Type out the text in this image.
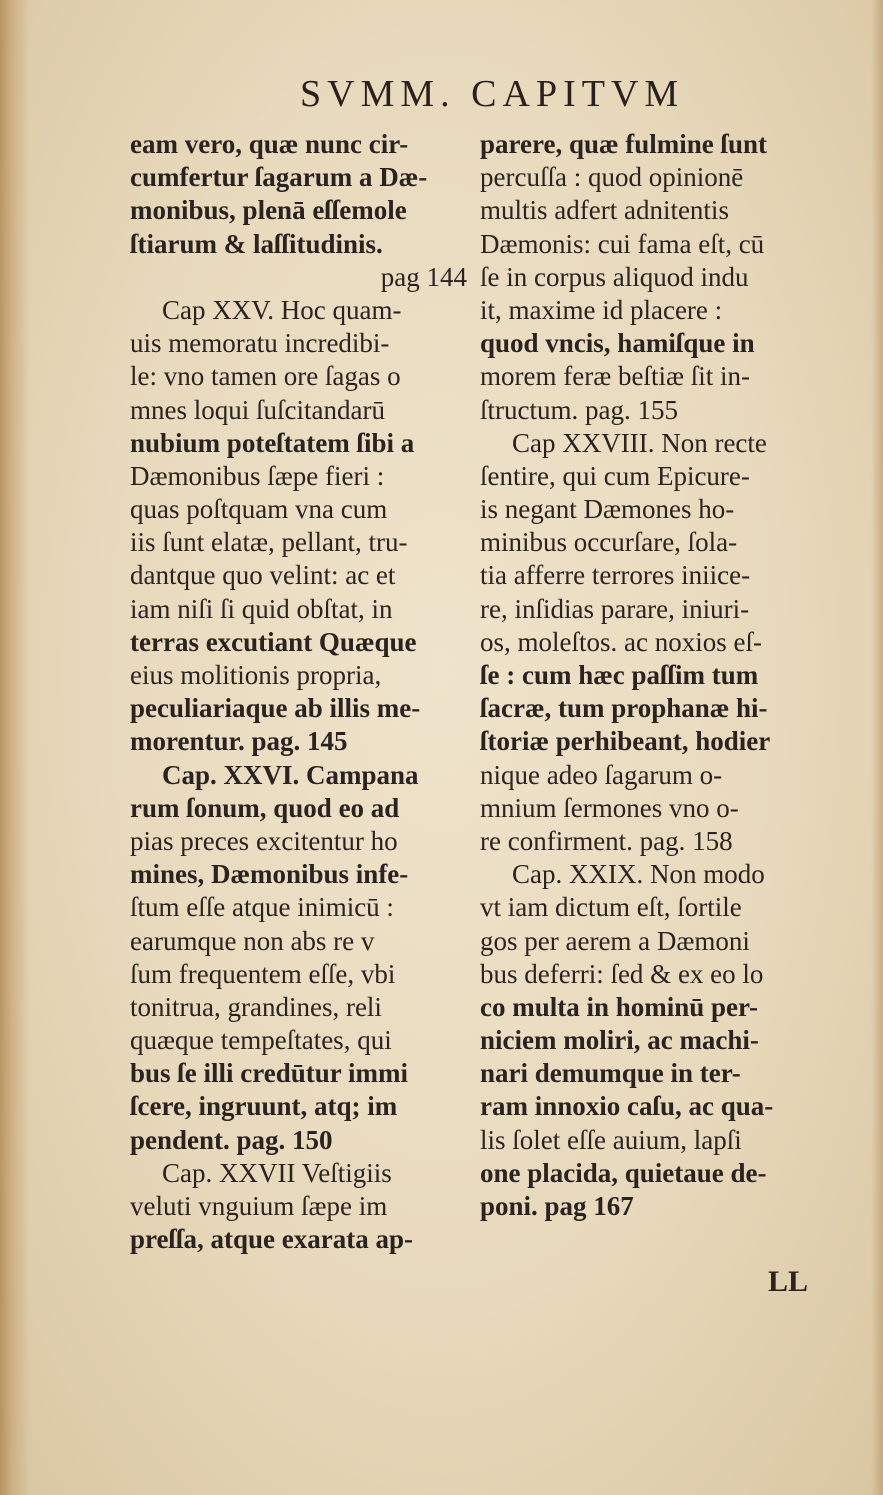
SVMM. CAPITVM
eam vero, quæ nunc cir-
cumfertur ſagarum a Dæ-
monibus, plenā eſſemole
ſtiarum & laſſitudinis.
pag 144
Cap XXV. Hoc quam-
uis memoratu incredibi-
le: vno tamen ore ſagas o
mnes loqui ſuſcitandarū
nubium poteſtatem ſibi a
Dæmonibus ſæpe fieri :
quas poſtquam vna cum
iis ſunt elatæ, pellant, tru-
dantque quo velint: ac et
iam niſi ſi quid obſtat, in
terras excutiant Quæque
eius molitionis propria,
peculiariaque ab illis me-
morentur. pag. 145
Cap. XXVI. Campana
rum ſonum, quod eo ad
pias preces excitentur ho
mines, Dæmonibus infe-
ſtum eſſe atque inimicū :
earumque non abs re v
ſum frequentem eſſe, vbi
tonitrua, grandines, reli
quæque tempeſtates, qui
bus ſe illi credūtur immi
ſcere, ingruunt, atq; im
pendent. pag. 150
Cap. XXVII Veſtigiis
veluti vnguium ſæpe im
preſſa, atque exarata ap-
parere, quæ fulmine ſunt
percuſſa : quod opinionē
multis adfert adnitentis
Dæmonis: cui fama eſt, cū
ſe in corpus aliquod indu
it, maxime id placere :
quod vncis, hamiſque in
morem feræ beſtiæ ſit in-
ſtructum. pag. 155
Cap XXVIII. Non recte
ſentire, qui cum Epicure-
is negant Dæmones ho-
minibus occurſare, ſola-
tia afferre terrores iniice-
re, inſidias parare, iniuri-
os, moleſtos. ac noxios eſ-
ſe : cum hæc paſſim tum
ſacræ, tum prophanæ hi-
ſtoriæ perhibeant, hodier
nique adeo ſagarum o-
mnium ſermones vno o-
re confirment. pag. 158
Cap. XXIX. Non modo
vt iam dictum eſt, ſortile
gos per aerem a Dæmoni
bus deferri: ſed & ex eo lo
co multa in hominū per-
niciem moliri, ac machi-
nari demumque in ter-
ram innoxio caſu, ac qua-
lis ſolet eſſe auium, lapſi
one placida, quietaue de-
poni. pag 167
LL
